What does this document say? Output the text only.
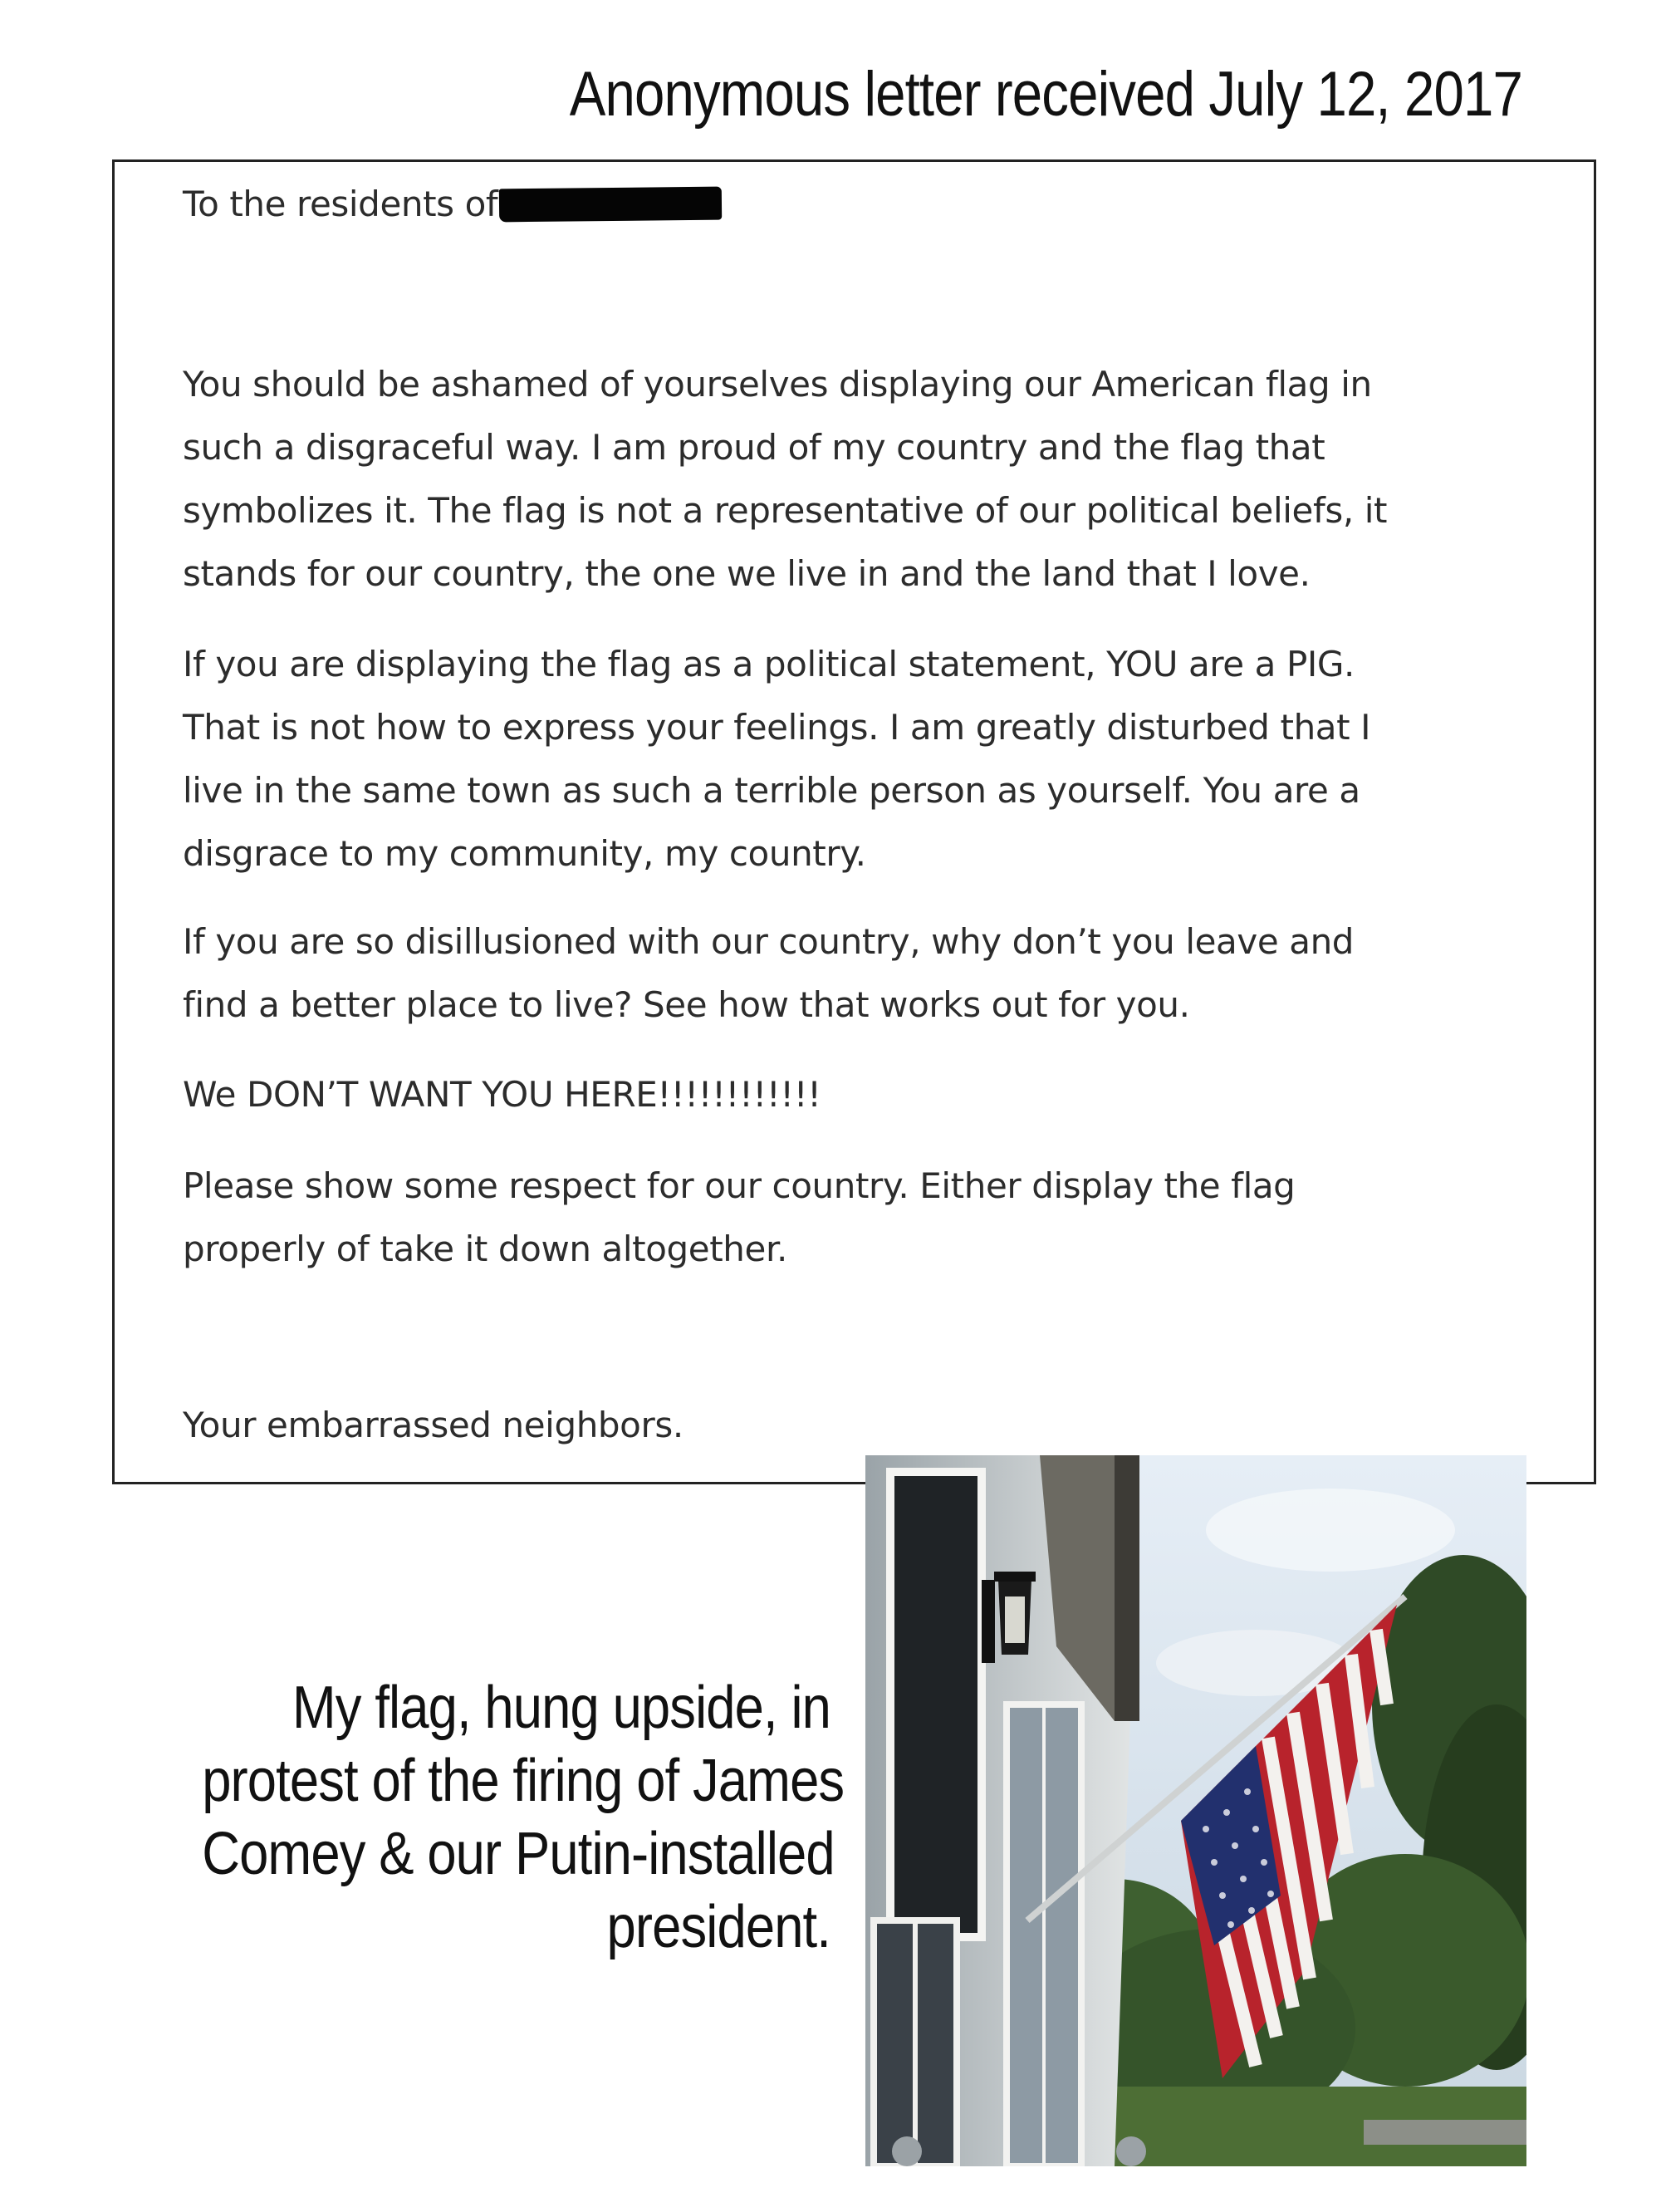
Anonymous letter received July 12, 2017
To the residents of
You should be ashamed of yourselves displaying our American flag in
such a disgraceful way. I am proud of my country and the flag that
symbolizes it. The flag is not a representative of our political beliefs, it
stands for our country, the one we live in and the land that I love.
If you are displaying the flag as a political statement, YOU are a PIG.
That is not how to express your feelings. I am greatly disturbed that I
live in the same town as such a terrible person as yourself. You are a
disgrace to my community, my country.
If you are so disillusioned with our country, why don’t you leave and
find a better place to live? See how that works out for you.
We DON’T WANT YOU HERE!!!!!!!!!!!!
Please show some respect for our country. Either display the flag
properly of take it down altogether.
Your embarrassed neighbors.
My flag, hung upside, in
protest of the firing of James
Comey & our Putin-installed
president.
